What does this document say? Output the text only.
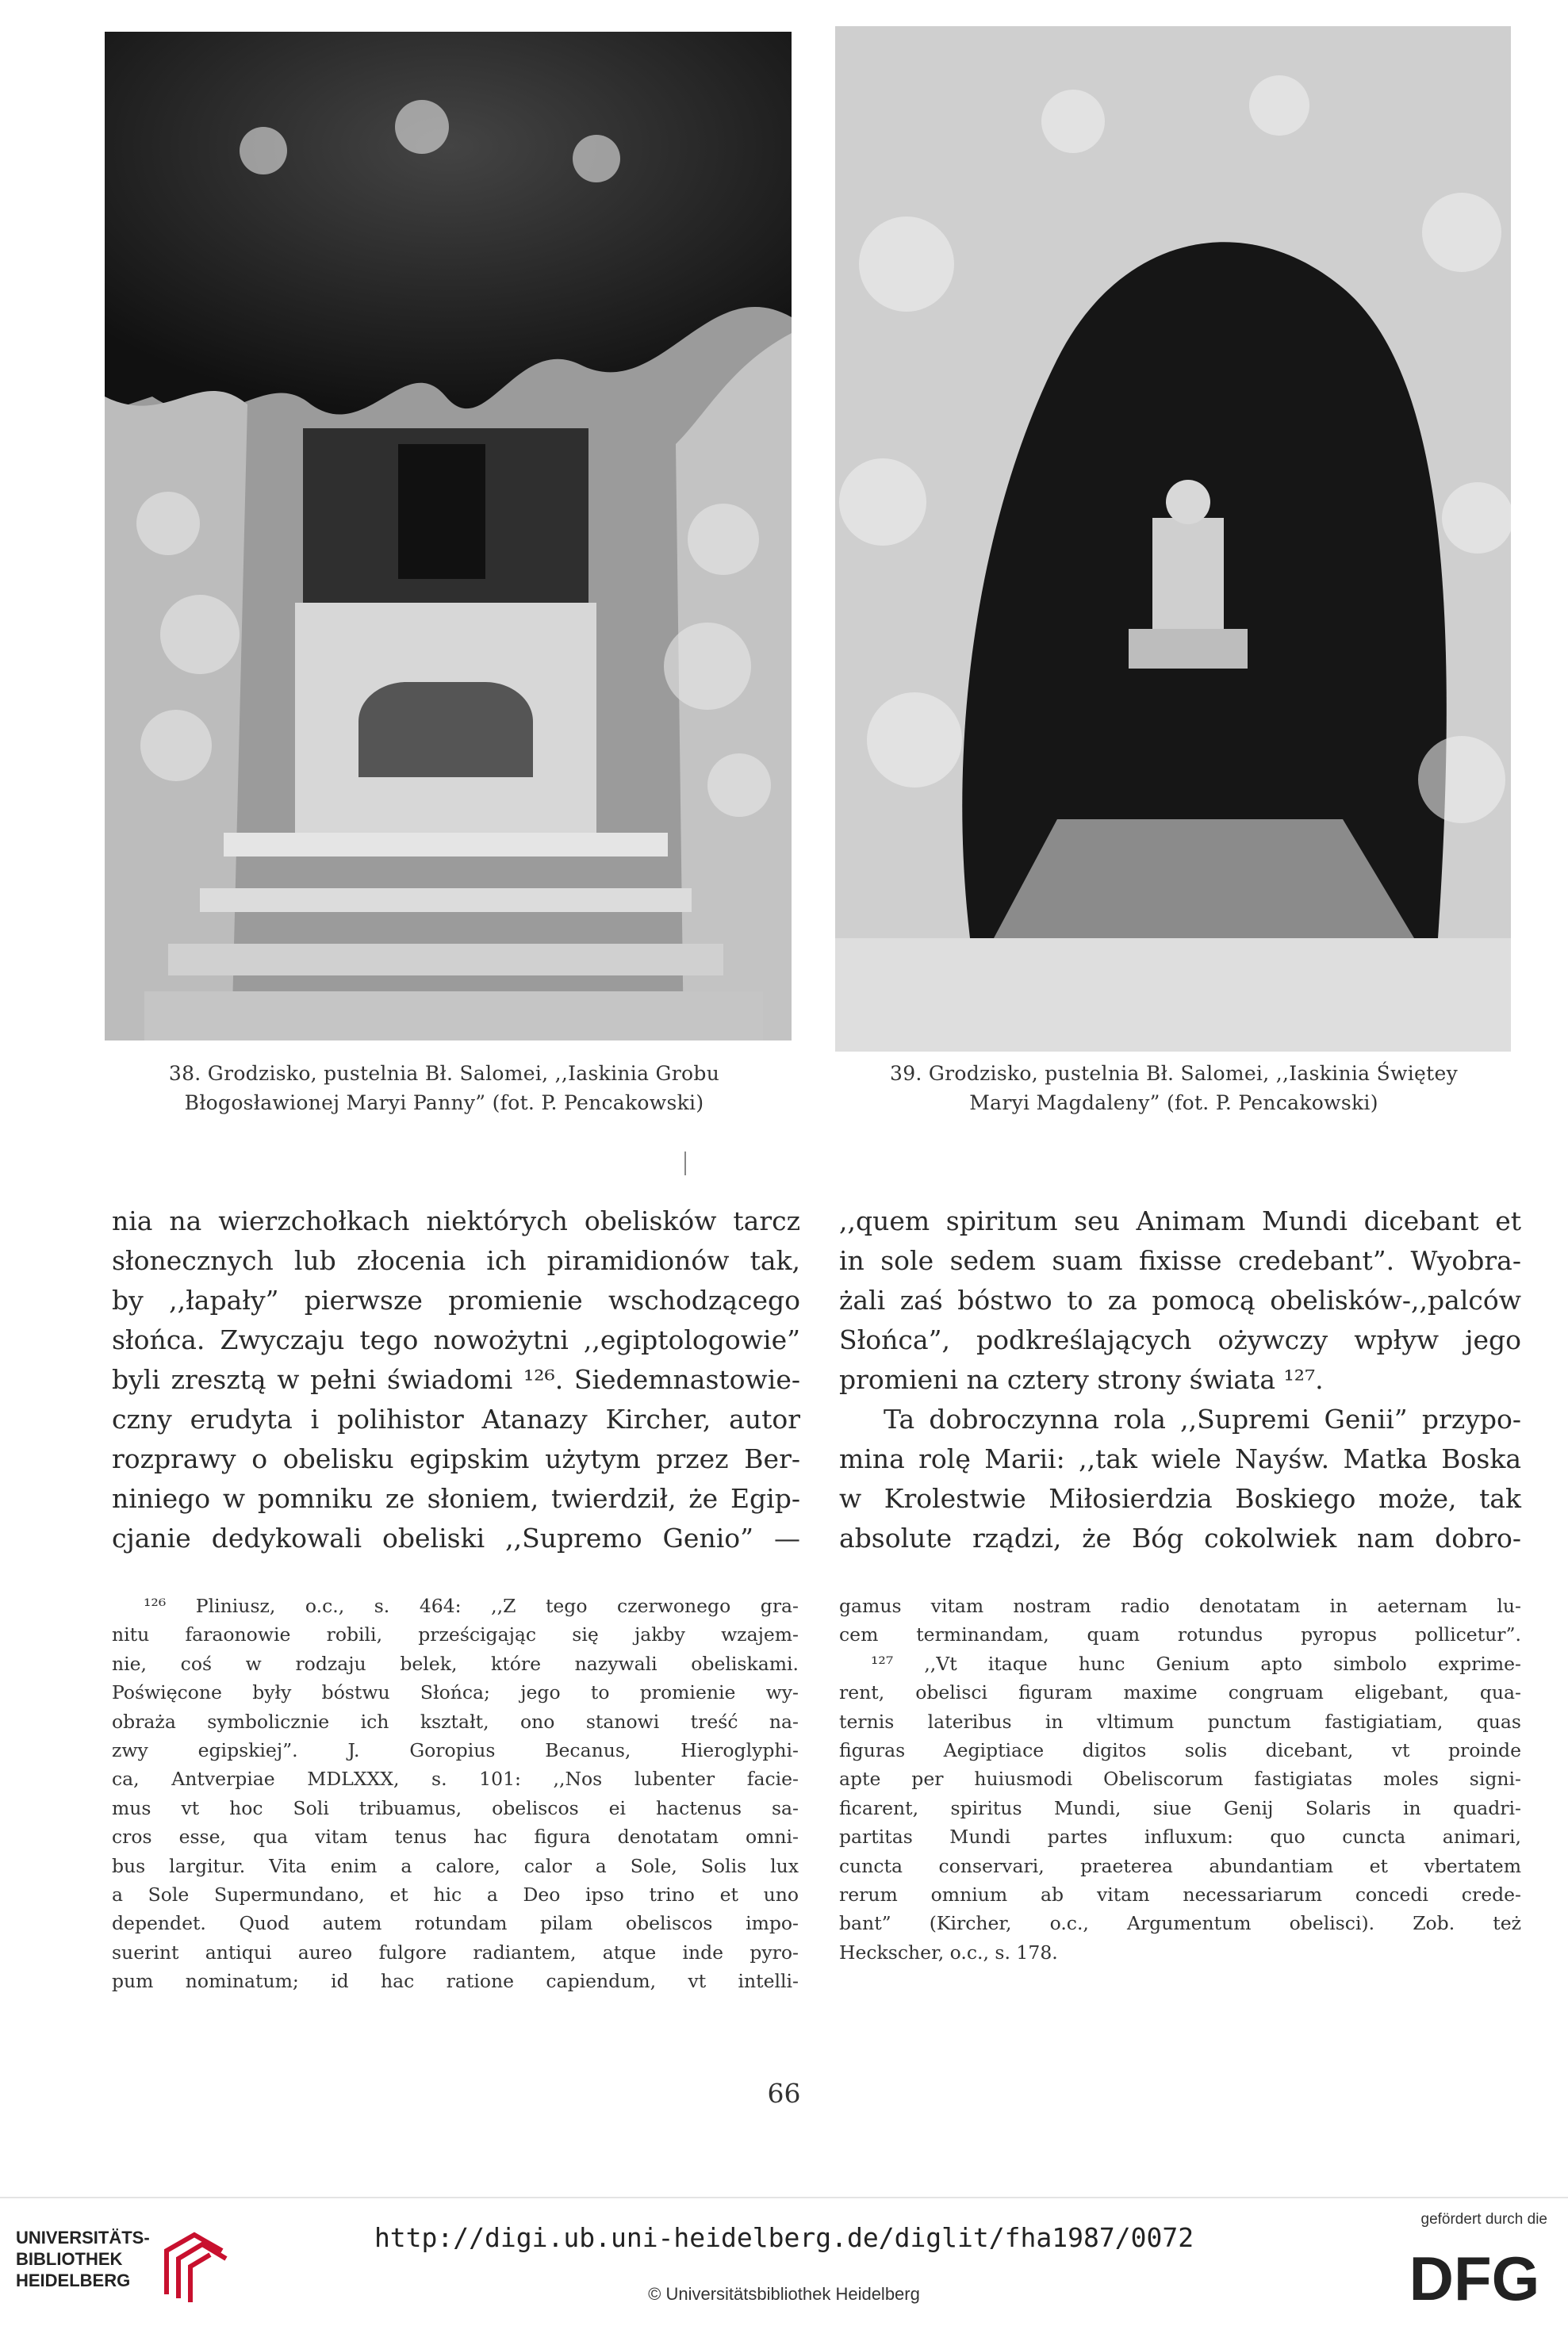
38. Grodzisko, pustelnia Bł. Salomei, ,,Iaskinia Grobu
Błogosławionej Maryi Panny” (fot. P. Pencakowski)
39. Grodzisko, pustelnia Bł. Salomei, ,,Iaskinia Świętey
Maryi Magdaleny” (fot. P. Pencakowski)
nia na wierzchołkach niektórych obelisków tarcz
słonecznych lub złocenia ich piramidionów tak,
by ,,łapały” pierwsze promienie wschodzącego
słońca. Zwyczaju tego nowożytni ,,egiptologowie”
byli zresztą w pełni świadomi ¹²⁶. Siedemnastowie-
czny erudyta i polihistor Atanazy Kircher, autor
rozprawy o obelisku egipskim użytym przez Ber-
niniego w pomniku ze słoniem, twierdził, że Egip-
cjanie dedykowali obeliski ,,Supremo Genio” —
,,quem spiritum seu Animam Mundi dicebant et
in sole sedem suam fixisse credebant”. Wyobra-
żali zaś bóstwo to za pomocą obelisków-,,palców
Słońca”, podkreślających ożywczy wpływ jego
promieni na cztery strony świata ¹²⁷.
Ta dobroczynna rola ,,Supremi Genii” przypo-
mina rolę Marii: ,,tak wiele Nayśw. Matka Boska
w Krolestwie Miłosierdzia Boskiego może, tak
absolute rządzi, że Bóg cokolwiek nam dobro-
¹²⁶ Pliniusz, o.c., s. 464: ,,Z tego czerwonego gra-
nitu faraonowie robili, prześcigając się jakby wzajem-
nie, coś w rodzaju belek, które nazywali obeliskami.
Poświęcone były bóstwu Słońca; jego to promienie wy-
obraża symbolicznie ich kształt, ono stanowi treść na-
zwy egipskiej”. J. Goropius Becanus, Hieroglyphi-
ca, Antverpiae MDLXXX, s. 101: ,,Nos lubenter facie-
mus vt hoc Soli tribuamus, obeliscos ei hactenus sa-
cros esse, qua vitam tenus hac figura denotatam omni-
bus largitur. Vita enim a calore, calor a Sole, Solis lux
a Sole Supermundano, et hic a Deo ipso trino et uno
dependet. Quod autem rotundam pilam obeliscos impo-
suerint antiqui aureo fulgore radiantem, atque inde pyro-
pum nominatum; id hac ratione capiendum, vt intelli-
gamus vitam nostram radio denotatam in aeternam lu-
cem terminandam, quam rotundus pyropus pollicetur”.
¹²⁷ ,,Vt itaque hunc Genium apto simbolo exprime-
rent, obelisci figuram maxime congruam eligebant, qua-
ternis lateribus in vltimum punctum fastigiatiam, quas
figuras Aegiptiace digitos solis dicebant, vt proinde
apte per huiusmodi Obeliscorum fastigiatas moles signi-
ficarent, spiritus Mundi, siue Genij Solaris in quadri-
partitas Mundi partes influxum: quo cuncta animari,
cuncta conservari, praeterea abundantiam et vbertatem
rerum omnium ab vitam necessariarum concedi crede-
bant” (Kircher, o.c., Argumentum obelisci). Zob. też
Heckscher, o.c., s. 178.
66
UNIVERSITÄTS-
BIBLIOTHEK
HEIDELBERG
http://digi.ub.uni-heidelberg.de/diglit/fha1987/0072
© Universitätsbibliothek Heidelberg
gefördert durch die
DFG
